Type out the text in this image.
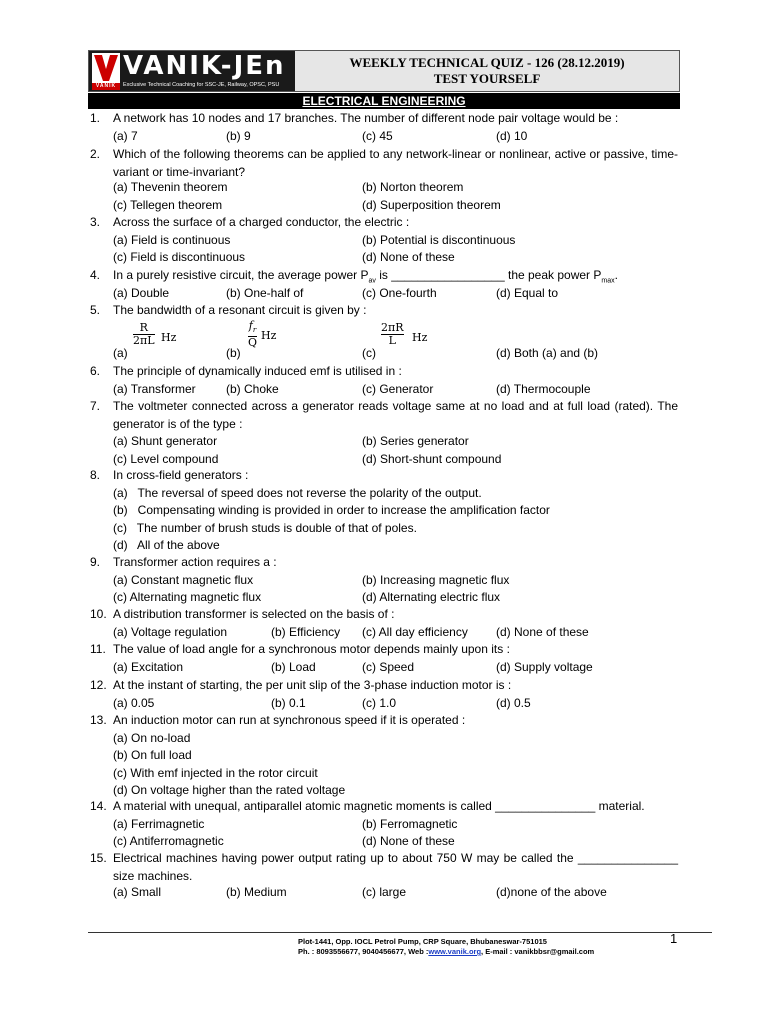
VANIK
VANIK-JEn
Exclusive Technical Coaching for SSC-JE, Railway, OPSC, PSU
WEEKLY TECHNICAL QUIZ - 126 (28.12.2019)
TEST YOURSELF
ELECTRICAL ENGINEERING
1. A network has 10 nodes and 17 branches. The number of different node pair voltage would be :
(a) 7	(b) 9	(c) 45	(d) 10
2. Which of the following theorems can be applied to any network-linear or nonlinear, active or passive, time-variant or time-invariant?
(a) Thevenin theorem	(b) Norton theorem
(c) Tellegen theorem	(d) Superposition theorem
3. Across the surface of a charged conductor, the electric :
(a) Field is continuous	(b) Potential is discontinuous
(c) Field is discontinuous	(d) None of these
4. In a purely resistive circuit, the average power $P_{av}$ is _________________ the peak power $P_{max}$.
(a) Double	(b) One-half of	(c) One-fourth	(d) Equal to
5. The bandwidth of a resonant circuit is given by :
R
2πL Hz
(a)
$f_r$
Q
Hz
(b)
2πR
L	Hz
(c)	(d) Both (a) and (b)
6. The principle of dynamically induced emf is utilised in :
(a) Transformer	(b) Choke	(c) Generator	(d) Thermocouple
7. The voltmeter connected across a generator reads voltage same at no load and at full load (rated). The generator is of the type :
(a) Shunt generator	(b) Series generator
(c) Level compound	(d) Short-shunt compound
8. In cross-field generators :
(a)   The reversal of speed does not reverse the polarity of the output.
(b)   Compensating winding is provided in order to increase the amplification factor
(c)   The number of brush studs is double of that of poles.
(d)   All of the above
9. Transformer action requires a :
(a) Constant magnetic flux	(b) Increasing magnetic flux
(c) Alternating magnetic flux	(d) Alternating electric flux
10. A distribution transformer is selected on the basis of :
(a) Voltage regulation	(b) Efficiency (c) All day efficiency (d) None of these
11. The value of load angle for a synchronous motor depends mainly upon its :
(a) Excitation	(b) Load	(c) Speed	(d) Supply voltage
12. At the instant of starting, the per unit slip of the 3-phase induction motor is :
(a) 0.05	(b) 0.1	(c) 1.0	(d) 0.5
13. An induction motor can run at synchronous speed if it is operated :
(a) On no-load
(b) On full load
(c) With emf injected in the rotor circuit
(d) On voltage higher than the rated voltage
14. A material with unequal, antiparallel atomic magnetic moments is called _______________ material.
(a) Ferrimagnetic	(b) Ferromagnetic
(c) Antiferromagnetic	(d) None of these
15. Electrical machines having power output rating up to about 750 W may be called the _______________ size machines.
(a) Small	(b) Medium	(c) large	(d)none of the above
Plot-1441, Opp. IOCL Petrol Pump, CRP Square, Bhubaneswar-751015
Ph. : 8093556677, 9040456677, Web :www.vanik.org, E-mail : vanikbbsr@gmail.com
1
